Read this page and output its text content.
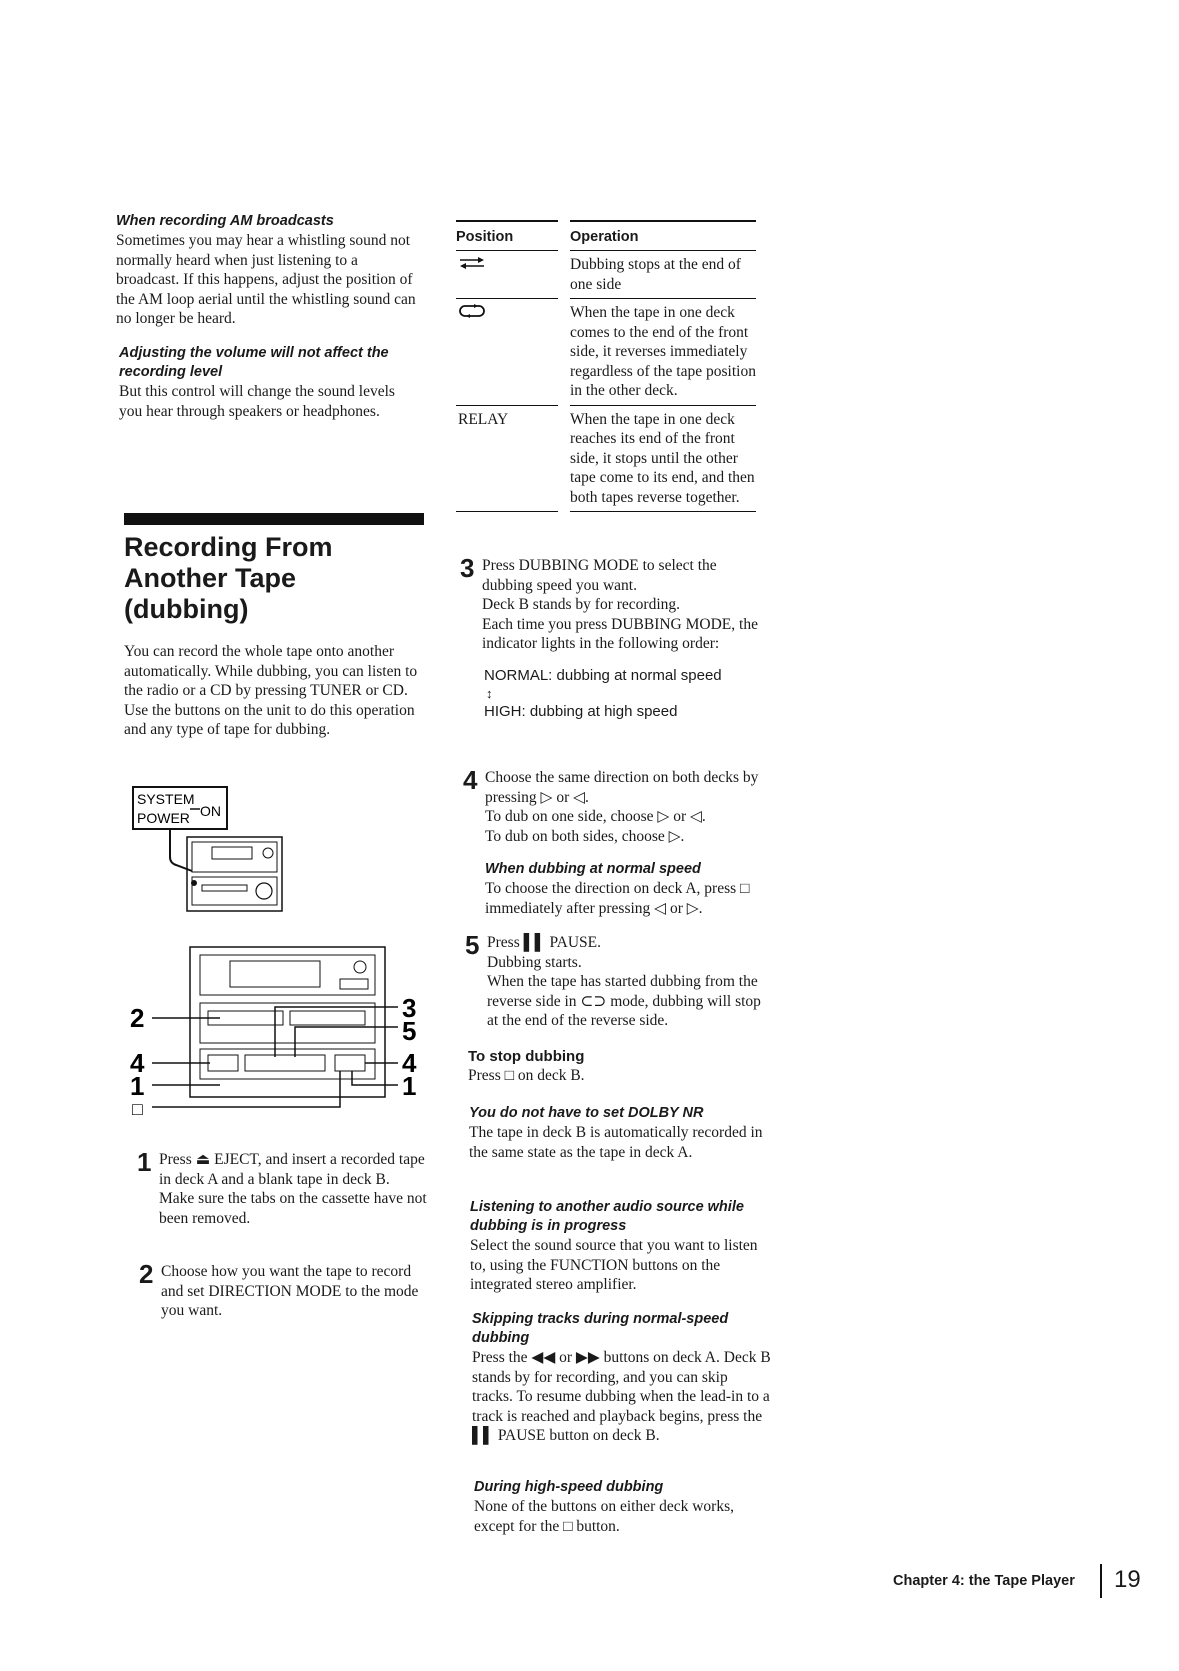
When recording AM broadcasts
Sometimes you may hear a whistling sound not normally heard when just listening to a broadcast. If this happens, adjust the position of the AM loop aerial until the whistling sound can no longer be heard.
Adjusting the volume will not affect the recording level
But this control will change the sound levels you hear through speakers or headphones.
Recording From Another Tape (dubbing)
You can record the whole tape onto another automatically. While dubbing, you can listen to the radio or a CD by pressing TUNER or CD. Use the buttons on the unit to do this operation and any type of tape for dubbing.
SYSTEM
POWER ON
2
4
1
□
3
5
4
1
1 Press ⏏ EJECT, and insert a recorded tape in deck A and a blank tape in deck B.
Make sure the tabs on the cassette have not been removed.
2 Choose how you want the tape to record and set DIRECTION MODE to the mode you want.
Position		Operation
		Dubbing stops at the end of one side
		When the tape in one deck comes to the end of the front side, it reverses immediately regardless of the tape position in the other deck.
RELAY		When the tape in one deck reaches its end of the front side, it stops until the other tape come to its end, and then both tapes reverse together.
3 Press DUBBING MODE to select the dubbing speed you want.
Deck B stands by for recording.
Each time you press DUBBING MODE, the indicator lights in the following order:
NORMAL: dubbing at normal speed
↕
HIGH: dubbing at high speed
4 Choose the same direction on both decks by pressing ▷ or ◁.
To dub on one side, choose ▷ or ◁.
To dub on both sides, choose ▷.
When dubbing at normal speed
To choose the direction on deck A, press □ immediately after pressing ◁ or ▷.
5 Press ▌▌ PAUSE.
Dubbing starts.
When the tape has started dubbing from the reverse side in ⊂⊃ mode, dubbing will stop at the end of the reverse side.
To stop dubbing
Press □ on deck B.
You do not have to set DOLBY NR
The tape in deck B is automatically recorded in the same state as the tape in deck A.
Listening to another audio source while dubbing is in progress
Select the sound source that you want to listen to, using the FUNCTION buttons on the integrated stereo amplifier.
Skipping tracks during normal-speed dubbing
Press the ◀◀ or ▶▶ buttons on deck A. Deck B stands by for recording, and you can skip tracks. To resume dubbing when the lead-in to a track is reached and playback begins, press the ▌▌ PAUSE button on deck B.
During high-speed dubbing
None of the buttons on either deck works, except for the □ button.
Chapter 4: the Tape Player 19
